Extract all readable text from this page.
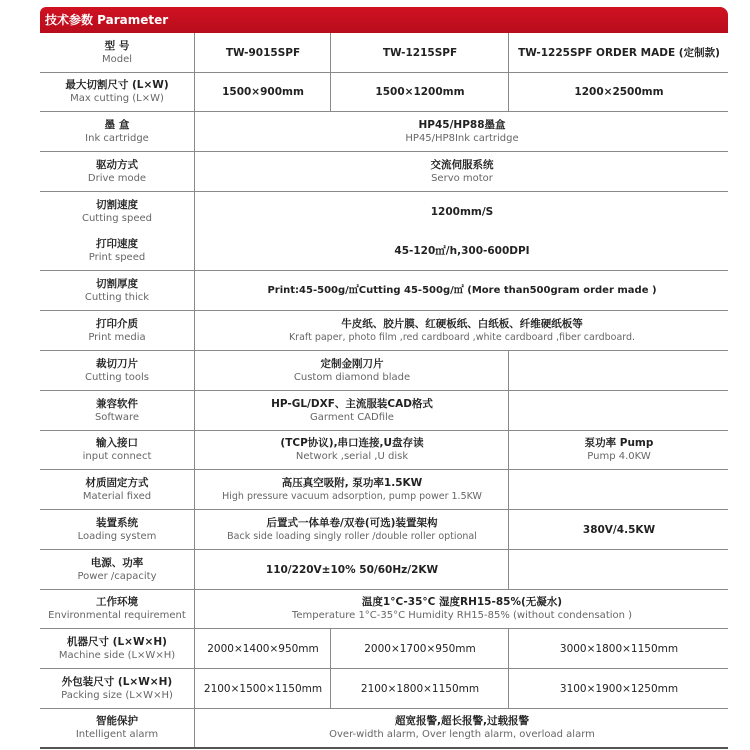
技术参数 Parameter
型 号
Model
TW-9015SPF	TW-1215SPF	TW-1225SPF ORDER MADE (定制款)
最大切割尺寸 (L×W)
Max cutting (L×W)
1500×900mm	1500×1200mm	1200×2500mm
墨 盒
Ink cartridge
HP45/HP88墨盒
HP45/HP8Ink cartridge
驱动方式
Drive mode
交流伺服系统
Servo motor
切割速度
Cutting speed
1200mm/S
打印速度
Print speed
45-120㎡/h,300-600DPI
切割厚度
Cutting thick
Print:45-500g/㎡Cutting 45-500g/㎡ (More than500gram order made )
打印介质
Print media
牛皮纸、胶片膜、红硬板纸、白纸板、纤维硬纸板等
Kraft paper, photo film ,red cardboard ,white cardboard ,fiber cardboard.
裁切刀片
Cutting tools
定制金刚刀片
Custom diamond blade
兼容软件
Software
HP-GL/DXF、主流服装CAD格式
Garment CADfile
输入接口
input connect
(TCP协议),串口连接,U盘存读
Network ,serial ,U disk
泵功率 Pump
Pump 4.0KW
材质固定方式
Material fixed
高压真空吸附, 泵功率1.5KW
High pressure vacuum adsorption, pump power 1.5KW
装置系统
Loading system
后置式一体单卷/双卷(可选)装置架构
Back side loading singly roller /double roller optional
380V/4.5KW
电源、功率
Power /capacity
110/220V±10% 50/60Hz/2KW
工作环境
Environmental requirement
温度1°C-35°C 湿度RH15-85%(无凝水)
Temperature 1°C-35°C Humidity RH15-85% (without condensation )
机器尺寸 (L×W×H)
Machine side (L×W×H)
2000×1400×950mm	2000×1700×950mm	3000×1800×1150mm
外包装尺寸 (L×W×H)
Packing size (L×W×H)
2100×1500×1150mm	2100×1800×1150mm	3100×1900×1250mm
智能保护
Intelligent alarm
超宽报警,超长报警,过载报警
Over-width alarm, Over length alarm, overload alarm
